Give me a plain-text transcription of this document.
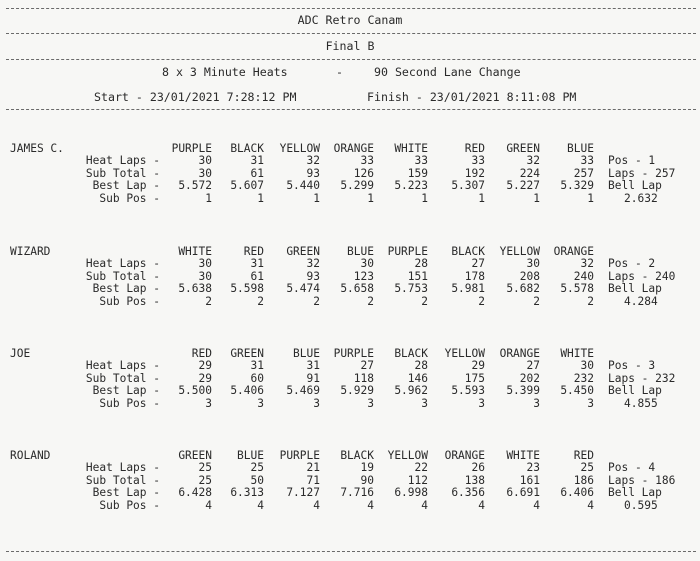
ADC Retro Canam
Final B
8 x 3 Minute Heats	-	90 Second Lane Change
Start - 23/01/2021 7:28:12 PM	Finish - 23/01/2021 8:11:08 PM
JAMES C.	PURPLE BLACK YELLOW ORANGE WHITE	RED GREEN BLUE
Heat Laps -	30	31	32	33	33	33	32	33
Sub Total -	30	61	93	126	159	192	224	257
Best Lap - 5.572 5.607 5.440 5.299 5.223 5.307 5.227 5.329
Sub Pos -	1	1	1	1	1	1	1	1
Pos - 1
Laps - 257
Bell Lap
2.632
WIZARD	WHITE	RED GREEN BLUE PURPLE BLACK YELLOW ORANGE
Heat Laps -	30	31	32	30	28	27	30	32
Sub Total -	30	61	93	123	151	178	208	240
Best Lap - 5.638 5.598 5.474 5.658 5.753 5.981 5.682 5.578
Sub Pos -	2	2	2	2	2	2	2	2
Pos - 2
Laps - 240
Bell Lap
4.284
JOE	RED GREEN	BLUE PURPLE BLACK YELLOW ORANGE WHITE
Heat Laps -	29	31	31	27	28	29	27	30
Sub Total -	29	60	91	118	146	175	202	232
Best Lap - 5.500 5.406 5.469 5.929 5.962 5.593 5.399 5.450
Sub Pos -	3	3	3	3	3	3	3	3
Pos - 3
Laps - 232
Bell Lap
4.855
ROLAND	GREEN BLUE PURPLE BLACK YELLOW ORANGE WHITE	RED
Heat Laps -	25	25	21	19	22	26	23	25
Sub Total -	25	50	71	90	112	138	161	186
Best Lap - 6.428 6.313 7.127 7.716 6.998 6.356 6.691 6.406
Sub Pos -	4	4	4	4	4	4	4	4
Pos - 4
Laps - 186
Bell Lap
0.595
